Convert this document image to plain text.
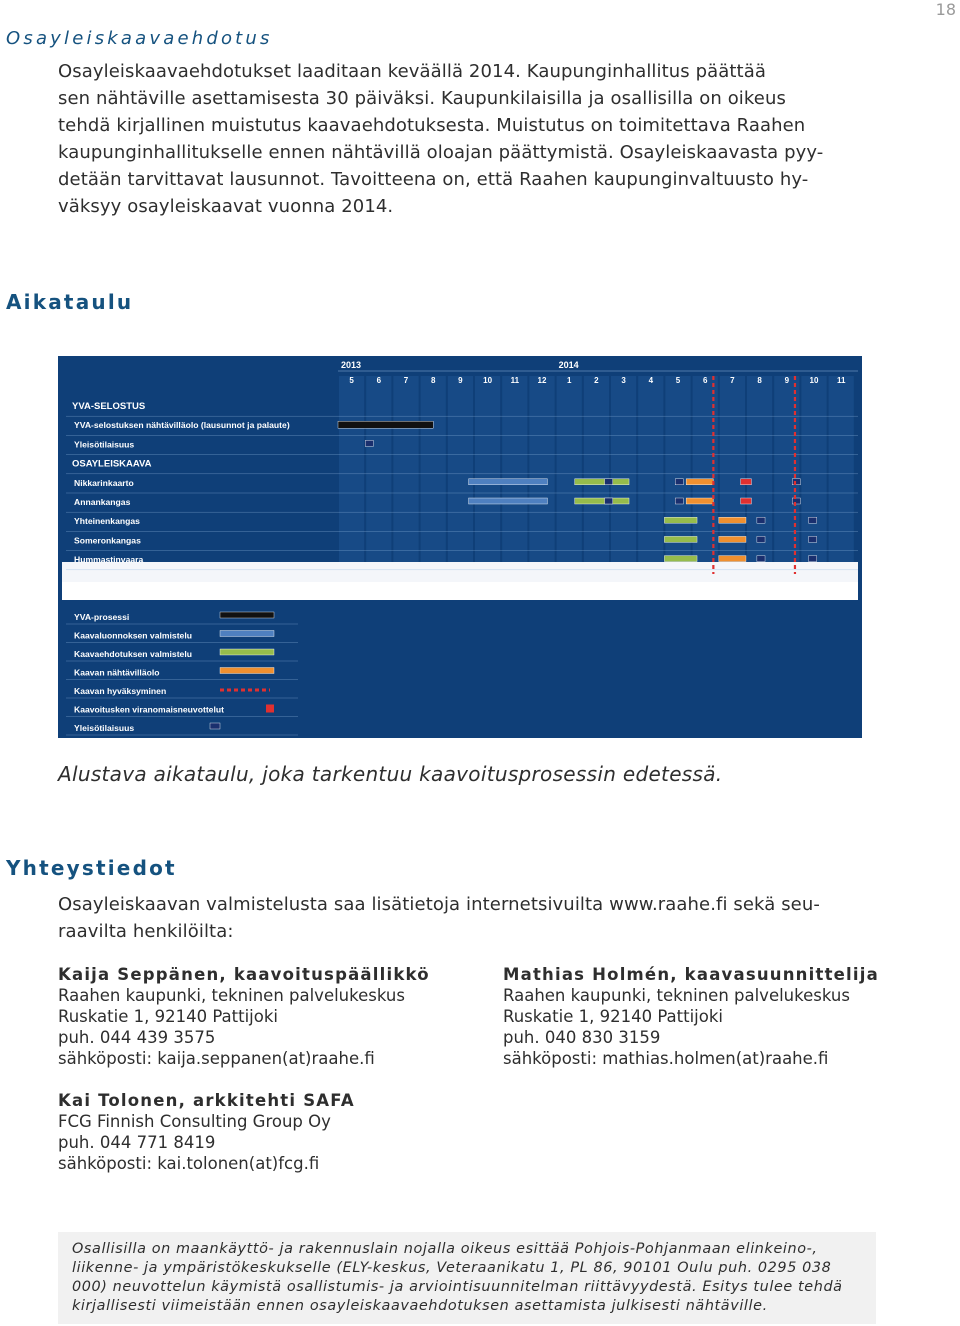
18
Osayleiskaavaehdotus
Osayleiskaavaehdotukset laaditaan keväällä 2014. Kaupunginhallitus päättää
sen nähtäville asettamisesta 30 päiväksi. Kaupunkilaisilla ja osallisilla on oikeus
tehdä kirjallinen muistutus kaavaehdotuksesta. Muistutus on toimitettava Raahen
kaupunginhallitukselle ennen nähtävillä oloajan päättymistä. Osayleiskaavasta pyy-
detään tarvittavat lausunnot. Tavoitteena on, että Raahen kaupunginvaltuusto hy-
väksyy osayleiskaavat vuonna 2014.
Aikataulu
2013	2014
5	6	7	8	9	10 11 12	1	2	3	4	5	6	7	8	9	10 11
YVA-SELOSTUS
YVA-selostuksen nähtävilläolo (lausunnot ja palaute)
Yleisötilaisuus
OSAYLEISKAAVA
Nikkarinkaarto
Annankangas
Yhteinenkangas
Someronkangas
Hummastinvaara
YVA-prosessi
Kaavaluonnoksen valmistelu
Kaavaehdotuksen valmistelu
Kaavan nähtävilläolo
Kaavan hyväksyminen
Kaavoitusken viranomaisneuvottelut
Yleisötilaisuus
Alustava aikataulu, joka tarkentuu kaavoitusprosessin edetessä.
Yhteystiedot
Osayleiskaavan valmistelusta saa lisätietoja internetsivuilta www.raahe.fi sekä seu-
raavilta henkilöilta:
Kaija Seppänen, kaavoituspäällikkö
Raahen kaupunki, tekninen palvelukeskus
Ruskatie 1, 92140 Pattijoki
puh. 044 439 3575
sähköposti: kaija.seppanen(at)raahe.fi
Mathias Holmén, kaavasuunnittelija
Raahen kaupunki, tekninen palvelukeskus
Ruskatie 1, 92140 Pattijoki
puh. 040 830 3159
sähköposti: mathias.holmen(at)raahe.fi
Kai Tolonen, arkkitehti SAFA
FCG Finnish Consulting Group Oy
puh. 044 771 8419
sähköposti: kai.tolonen(at)fcg.fi
Osallisilla on maankäyttö- ja rakennuslain nojalla oikeus esittää Pohjois-Pohjanmaan elinkeino-,
liikenne- ja ympäristökeskukselle (ELY-keskus, Veteraanikatu 1, PL 86, 90101 Oulu puh. 0295 038
000) neuvottelun käymistä osallistumis- ja arviointisuunnitelman riittävyydestä. Esitys tulee tehdä
kirjallisesti viimeistään ennen osayleiskaavaehdotuksen asettamista julkisesti nähtäville.
